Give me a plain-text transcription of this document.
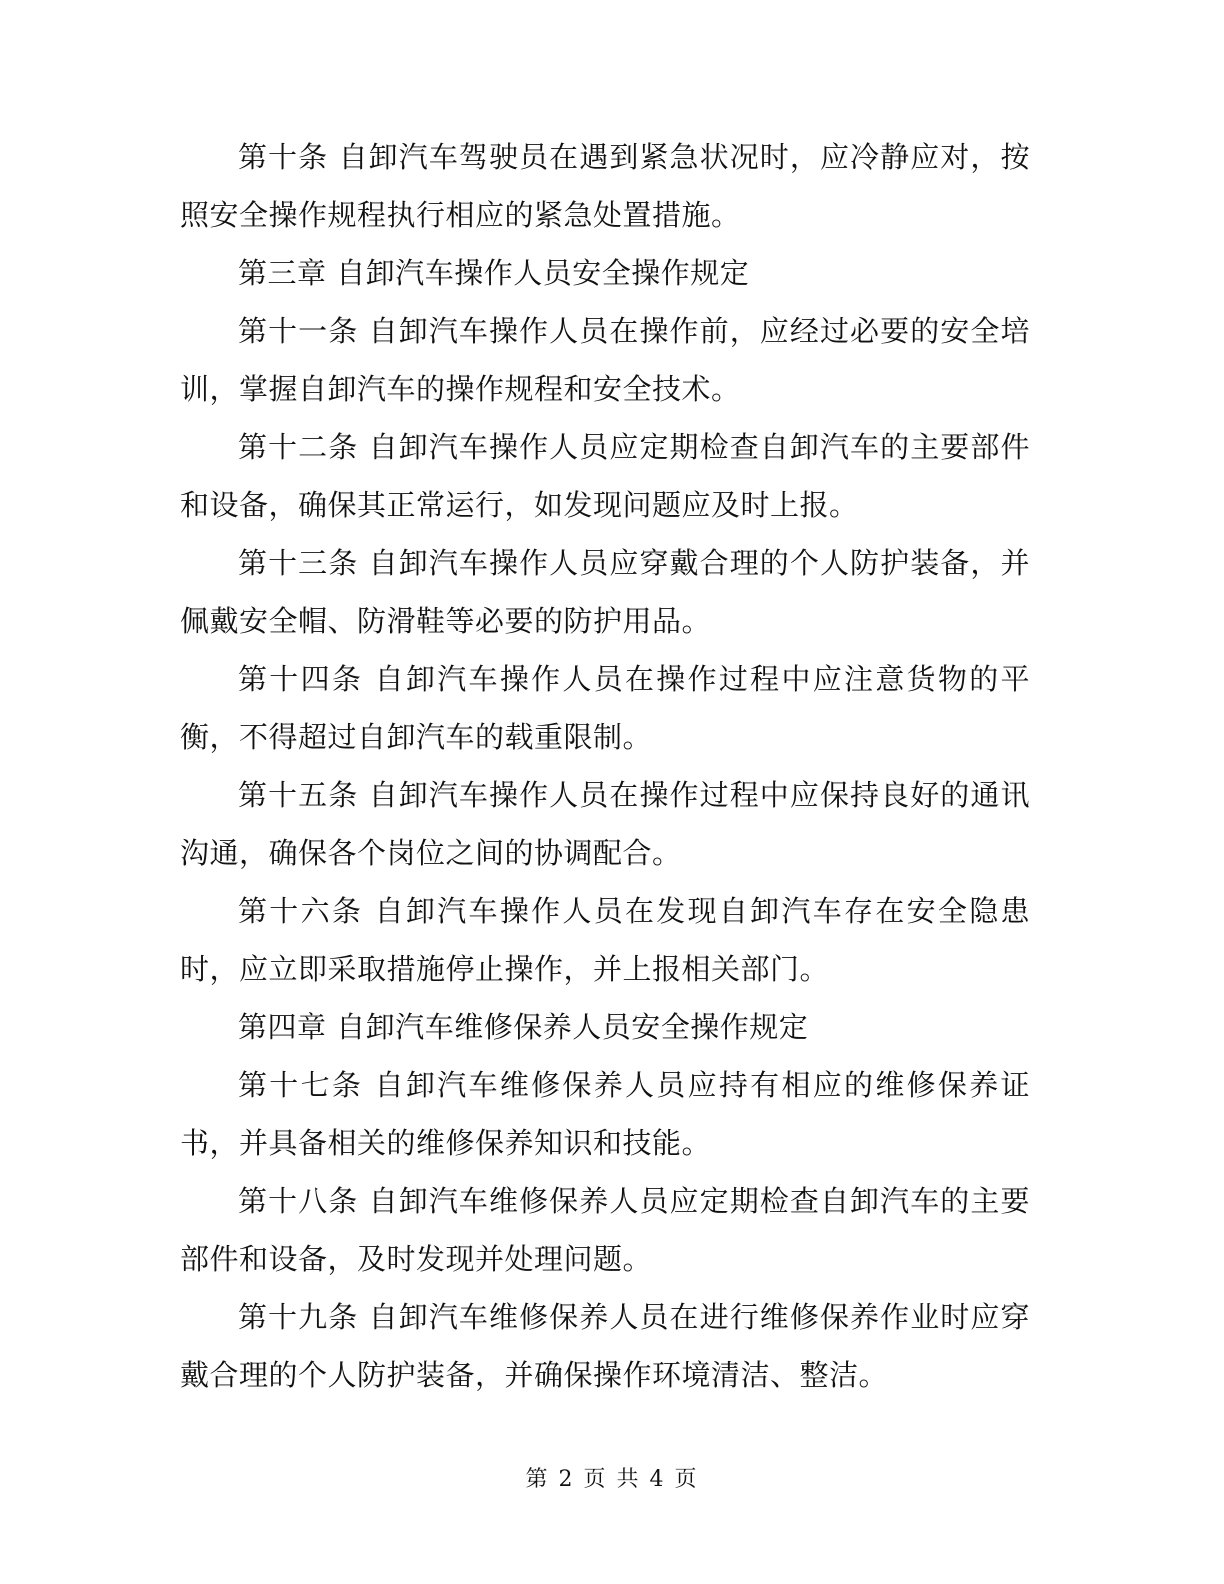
第十条 自卸汽车驾驶员在遇到紧急状况时，应冷静应对，按照安全操作规程执行相应的紧急处置措施。

第三章 自卸汽车操作人员安全操作规定

第十一条 自卸汽车操作人员在操作前，应经过必要的安全培训，掌握自卸汽车的操作规程和安全技术。

第十二条 自卸汽车操作人员应定期检查自卸汽车的主要部件和设备，确保其正常运行，如发现问题应及时上报。

第十三条 自卸汽车操作人员应穿戴合理的个人防护装备，并佩戴安全帽、防滑鞋等必要的防护用品。

第十四条 自卸汽车操作人员在操作过程中应注意货物的平衡，不得超过自卸汽车的载重限制。

第十五条 自卸汽车操作人员在操作过程中应保持良好的通讯沟通，确保各个岗位之间的协调配合。

第十六条 自卸汽车操作人员在发现自卸汽车存在安全隐患时，应立即采取措施停止操作，并上报相关部门。

第四章 自卸汽车维修保养人员安全操作规定

第十七条 自卸汽车维修保养人员应持有相应的维修保养证书，并具备相关的维修保养知识和技能。

第十八条 自卸汽车维修保养人员应定期检查自卸汽车的主要部件和设备，及时发现并处理问题。

第十九条 自卸汽车维修保养人员在进行维修保养作业时应穿戴合理的个人防护装备，并确保操作环境清洁、整洁。

第 2 页 共 4 页
